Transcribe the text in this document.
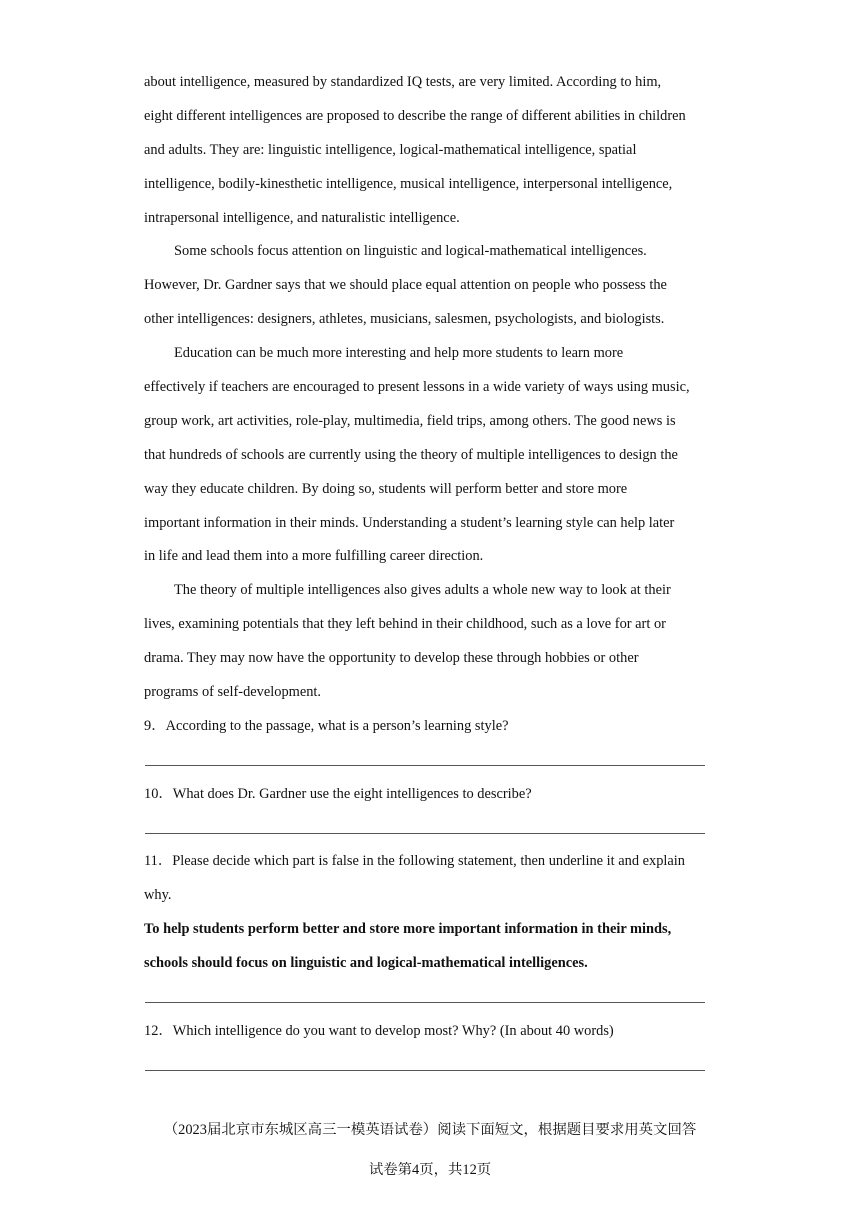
about intelligence, measured by standardized IQ tests, are very limited. According to him,
eight different intelligences are proposed to describe the range of different abilities in children
and adults. They are: linguistic intelligence, logical-mathematical intelligence, spatial
intelligence, bodily-kinesthetic intelligence, musical intelligence, interpersonal intelligence,
intrapersonal intelligence, and naturalistic intelligence.
Some schools focus attention on linguistic and logical-mathematical intelligences.
However, Dr. Gardner says that we should place equal attention on people who possess the
other intelligences: designers, athletes, musicians, salesmen, psychologists, and biologists.
Education can be much more interesting and help more students to learn more
effectively if teachers are encouraged to present lessons in a wide variety of ways using music,
group work, art activities, role-play, multimedia, field trips, among others. The good news is
that hundreds of schools are currently using the theory of multiple intelligences to design the
way they educate children. By doing so, students will perform better and store more
important information in their minds. Understanding a student’s learning style can help later
in life and lead them into a more fulfilling career direction.
The theory of multiple intelligences also gives adults a whole new way to look at their
lives, examining potentials that they left behind in their childhood, such as a love for art or
drama. They may now have the opportunity to develop these through hobbies or other
programs of self-development.
9．According to the passage, what is a person’s learning style?
10．What does Dr. Gardner use the eight intelligences to describe?
11．Please decide which part is false in the following statement, then underline it and explain
why.
To help students perform better and store more important information in their minds,
schools should focus on linguistic and logical-mathematical intelligences.
12．Which intelligence do you want to develop most? Why? (In about 40 words)
（2023届北京市东城区高三一模英语试卷）阅读下面短文，根据题目要求用英文回答
试卷第4页，共12页
